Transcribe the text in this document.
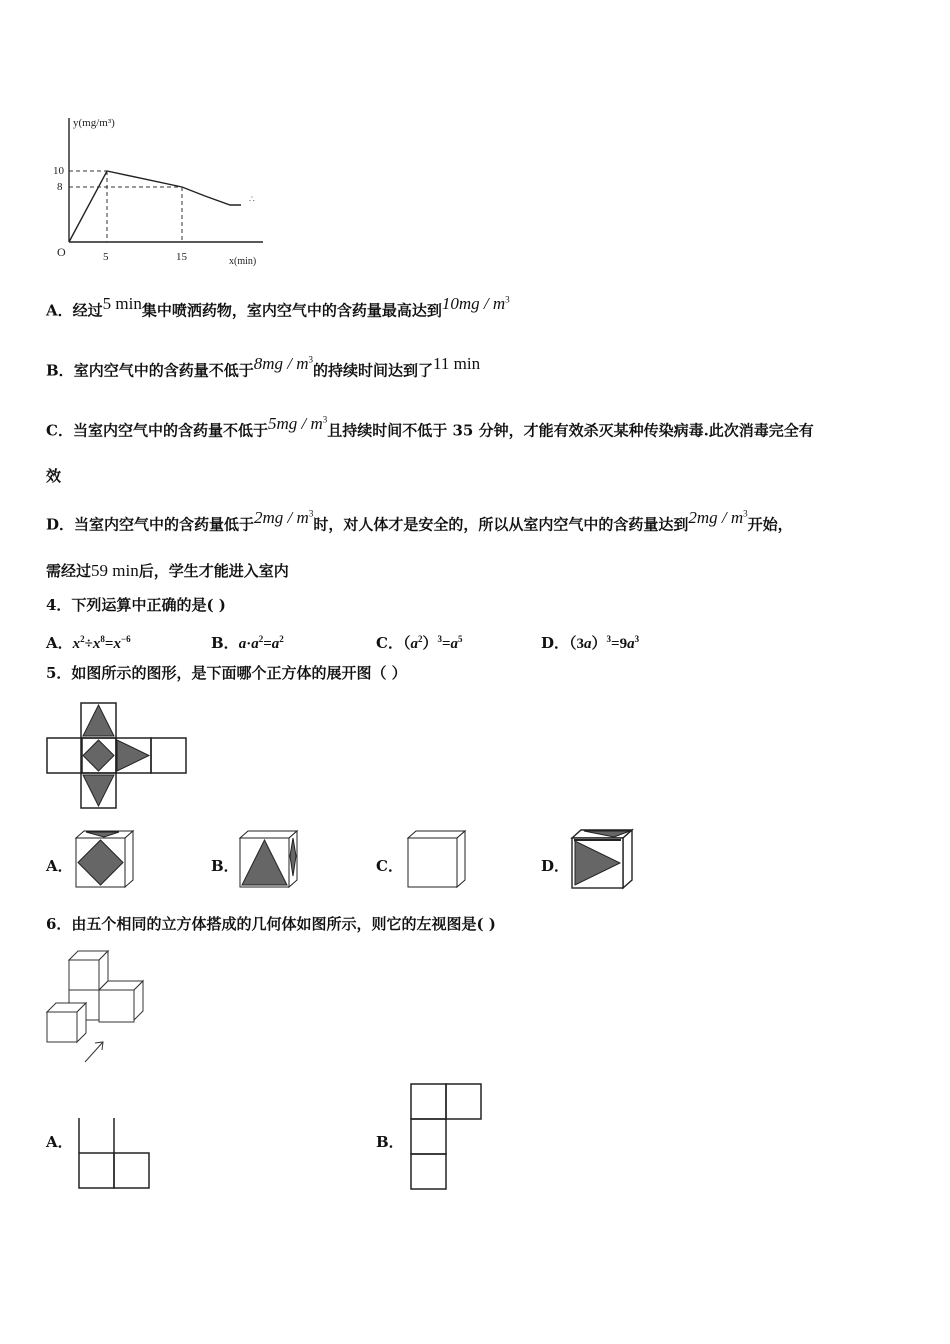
y(mg/m³)
10
8
O	5	15	x(min)
∴
A．经过5 min集中喷洒药物，室内空气中的含药量最高达到$10mg / m^3$
B．室内空气中的含药量不低于$8mg / m^3$的持续时间达到了11 min
C．当室内空气中的含药量不低于$5mg / m^3$且持续时间不低于 35 分钟，才能有效杀灭某种传染病毒.此次消毒完全有
效
D．当室内空气中的含药量低于$2mg / m^3$时，对人体才是安全的，所以从室内空气中的含药量达到$2mg / m^3$开始，
需经过59 min后，学生才能进入室内
4．下列运算中正确的是( )
A．$x^2\div x^8=x^{-6}$	B．$a\cdot a^2=a^2$	C．$(a^2)^3=a^5$	D．$(3a)^3=9a^3$
5．如图所示的图形，是下面哪个正方体的展开图（ ）
A．	B．	C．	D．
6．由五个相同的立方体搭成的几何体如图所示，则它的左视图是( )
A．	B．
